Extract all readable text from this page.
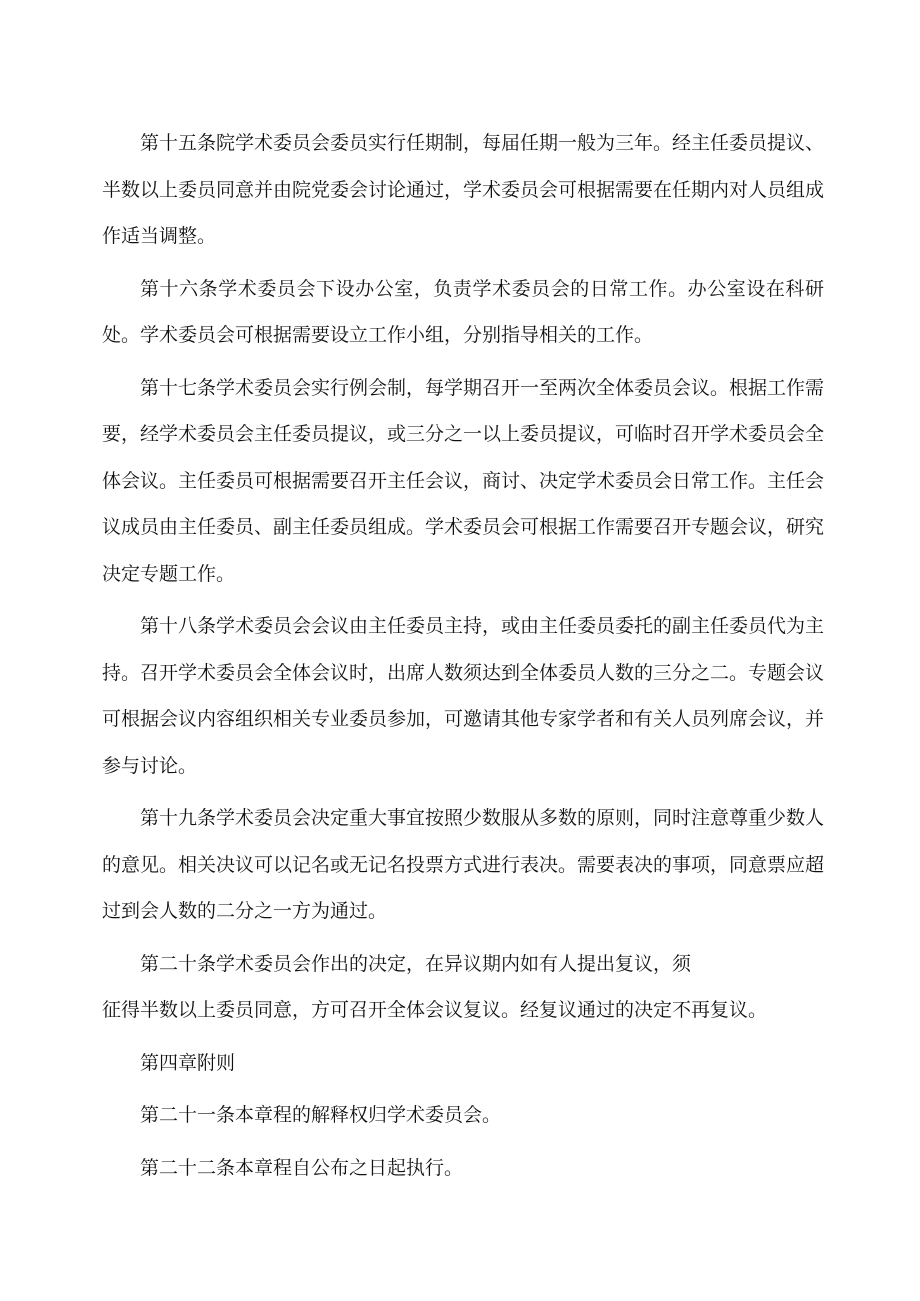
第十五条院学术委员会委员实行任期制，每届任期一般为三年。经主任委员提议、半数以上委员同意并由院党委会讨论通过，学术委员会可根据需要在任期内对人员组成作适当调整。

第十六条学术委员会下设办公室，负责学术委员会的日常工作。办公室设在科研处。学术委员会可根据需要设立工作小组，分别指导相关的工作。

第十七条学术委员会实行例会制，每学期召开一至两次全体委员会议。根据工作需要，经学术委员会主任委员提议，或三分之一以上委员提议，可临时召开学术委员会全体会议。主任委员可根据需要召开主任会议，商讨、决定学术委员会日常工作。主任会议成员由主任委员、副主任委员组成。学术委员会可根据工作需要召开专题会议，研究决定专题工作。

第十八条学术委员会会议由主任委员主持，或由主任委员委托的副主任委员代为主持。召开学术委员会全体会议时，出席人数须达到全体委员人数的三分之二。专题会议可根据会议内容组织相关专业委员参加，可邀请其他专家学者和有关人员列席会议，并参与讨论。

第十九条学术委员会决定重大事宜按照少数服从多数的原则，同时注意尊重少数人的意见。相关决议可以记名或无记名投票方式进行表决。需要表决的事项，同意票应超过到会人数的二分之一方为通过。

第二十条学术委员会作出的决定，在异议期内如有人提出复议，须
征得半数以上委员同意，方可召开全体会议复议。经复议通过的决定不再复议。
第四章附则
第二十一条本章程的解释权归学术委员会。
第二十二条本章程自公布之日起执行。
